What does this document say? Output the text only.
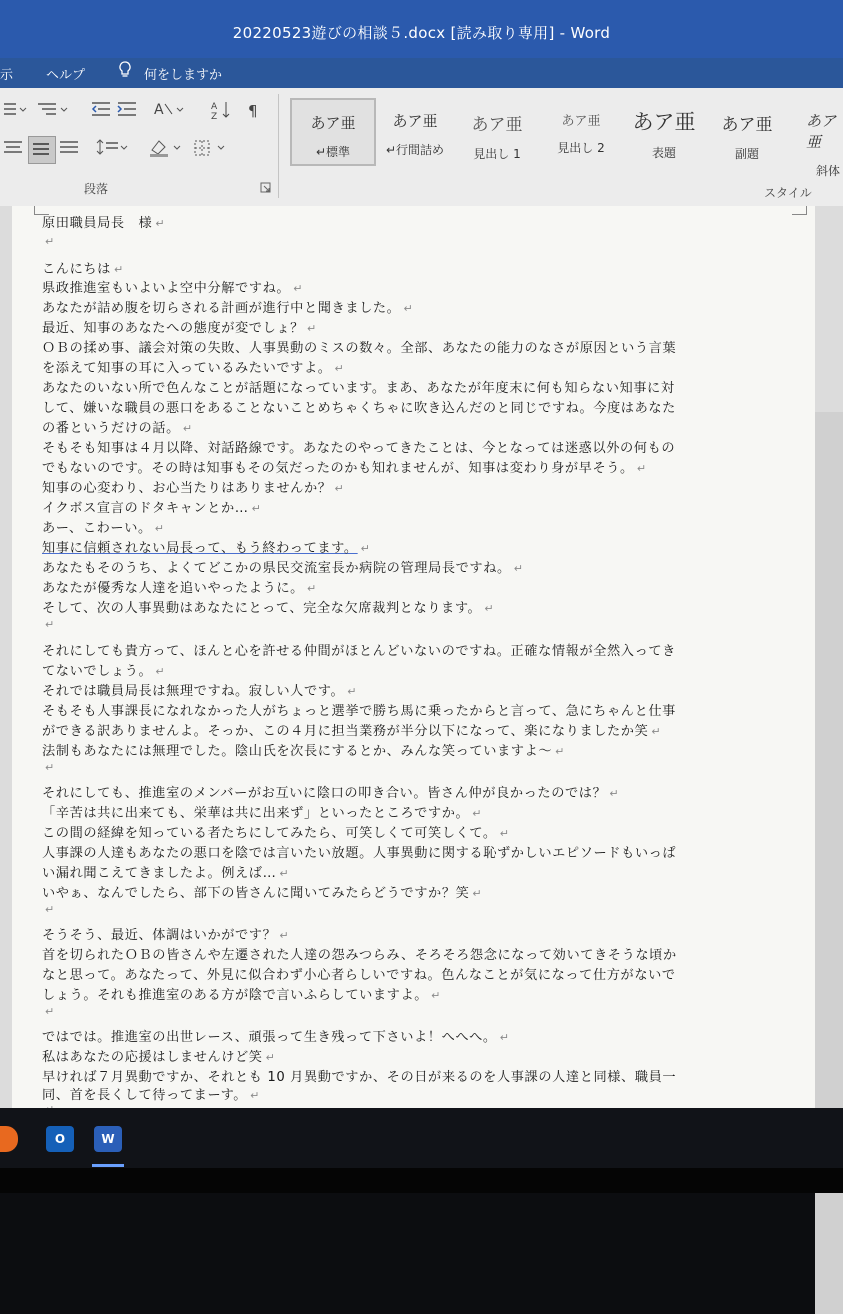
20220523遊びの相談５.docx [読み取り専用] - Word
示	ヘルプ	何をしますか
A	A
Z ¶
段落
あア亜
↵標準
あア亜
↵行間詰め
あア亜
見出し 1
あア亜
見出し 2
あア亜
表題
あア亜
副題
あア亜
斜体
スタイル
原田職員局長　様 ↵
↵
こんにちは ↵
県政推進室もいよいよ空中分解ですね。 ↵
あなたが詰め腹を切らされる計画が進行中と聞きました。 ↵
最近、知事のあなたへの態度が変でしょ？ ↵
ＯＢの揉め事、議会対策の失敗、人事異動のミスの数々。全部、あなたの能力のなさが原因という言葉
を添えて知事の耳に入っているみたいですよ。 ↵
あなたのいない所で色んなことが話題になっています。まあ、あなたが年度末に何も知らない知事に対
して、嫌いな職員の悪口をあることないことめちゃくちゃに吹き込んだのと同じですね。今度はあなた
の番というだけの話。 ↵
そもそも知事は４月以降、対話路線です。あなたのやってきたことは、今となっては迷惑以外の何もの
でもないのです。その時は知事もその気だったのかも知れませんが、知事は変わり身が早そう。 ↵
知事の心変わり、お心当たりはありませんか？ ↵
イクボス宣言のドタキャンとか… ↵
あー、こわーい。 ↵
知事に信頼されない局長って、もう終わってます。 ↵
あなたもそのうち、よくてどこかの県民交流室長か病院の管理局長ですね。 ↵
あなたが優秀な人達を追いやったように。 ↵
そして、次の人事異動はあなたにとって、完全な欠席裁判となります。 ↵
↵
それにしても貴方って、ほんと心を許せる仲間がほとんどいないのですね。正確な情報が全然入ってき
てないでしょう。 ↵
それでは職員局長は無理ですね。寂しい人です。 ↵
そもそも人事課長になれなかった人がちょっと選挙で勝ち馬に乗ったからと言って、急にちゃんと仕事
ができる訳ありませんよ。そっか、この４月に担当業務が半分以下になって、楽になりましたか笑 ↵
法制もあなたには無理でした。陰山氏を次長にするとか、みんな笑っていますよ～ ↵
↵
それにしても、推進室のメンバーがお互いに陰口の叩き合い。皆さん仲が良かったのでは？ ↵
「辛苦は共に出来ても、栄華は共に出来ず」といったところですか。 ↵
この間の経緯を知っている者たちにしてみたら、可笑しくて可笑しくて。 ↵
人事課の人達もあなたの悪口を陰では言いたい放題。人事異動に関する恥ずかしいエピソードもいっぱ
い漏れ聞こえてきましたよ。例えば… ↵
いやぁ、なんでしたら、部下の皆さんに聞いてみたらどうですか？笑 ↵
↵
そうそう、最近、体調はいかがです？ ↵
首を切られたＯＢの皆さんや左遷された人達の怨みつらみ、そろそろ怨念になって効いてきそうな頃か
なと思って。あなたって、外見に似合わず小心者らしいですね。色んなことが気になって仕方がないで
しょう。それも推進室のある方が陰で言いふらしていますよ。 ↵
↵
ではでは。推進室の出世レース、頑張って生き残って下さいよ！へへへ。 ↵
私はあなたの応援はしませんけど笑 ↵
早ければ７月異動ですか、それとも 10 月異動ですか、その日が来るのを人事課の人達と同様、職員一
同、首を長くして待ってまーす。 ↵
O	W
